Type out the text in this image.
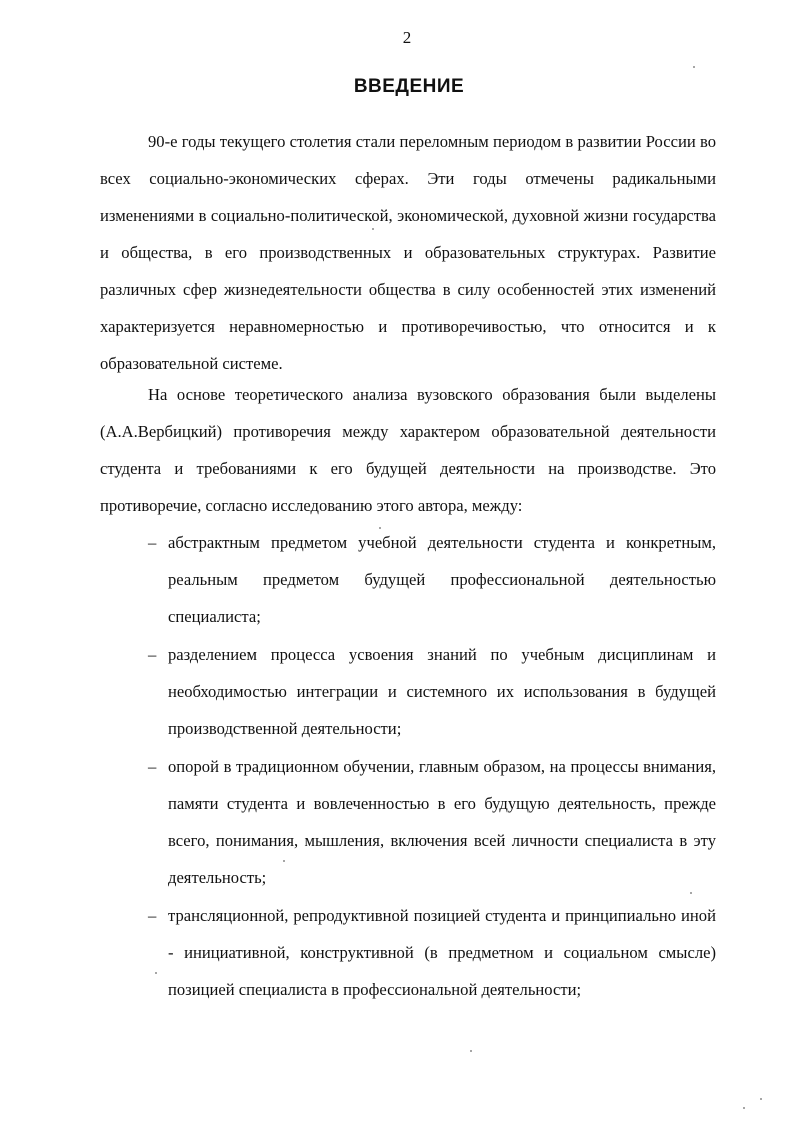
2
ВВЕДЕНИЕ

90-е годы текущего столетия стали переломным периодом в развитии России во всех социально-экономических сферах. Эти годы отмечены радикальными изменениями в социально-политической, экономической, духовной жизни государства и общества, в его производственных и образовательных структурах. Развитие различных сфер жизнедеятельности общества в силу особенностей этих изменений характеризуется неравномерностью и противоречивостью, что относится и к образовательной системе.

На основе теоретического анализа вузовского образования были выделены (А.А.Вербицкий) противоречия между характером образовательной деятельности студента и требованиями к его будущей деятельности на производстве. Это противоречие, согласно исследованию этого автора, между:

– абстрактным предметом учебной деятельности студента и конкретным, реальным предметом будущей профессиональной деятельностью специалиста;
– разделением процесса усвоения знаний по учебным дисциплинам и необходимостью интеграции и системного их использования в будущей производственной деятельности;
– опорой в традиционном обучении, главным образом, на процессы внимания, памяти студента и вовлеченностью в его будущую деятельность, прежде всего, понимания, мышления, включения всей личности специалиста в эту деятельность;
– трансляционной, репродуктивной позицией студента и принципиально иной - инициативной, конструктивной (в предметном и социальном смысле) позицией специалиста в профессиональной деятельности;
